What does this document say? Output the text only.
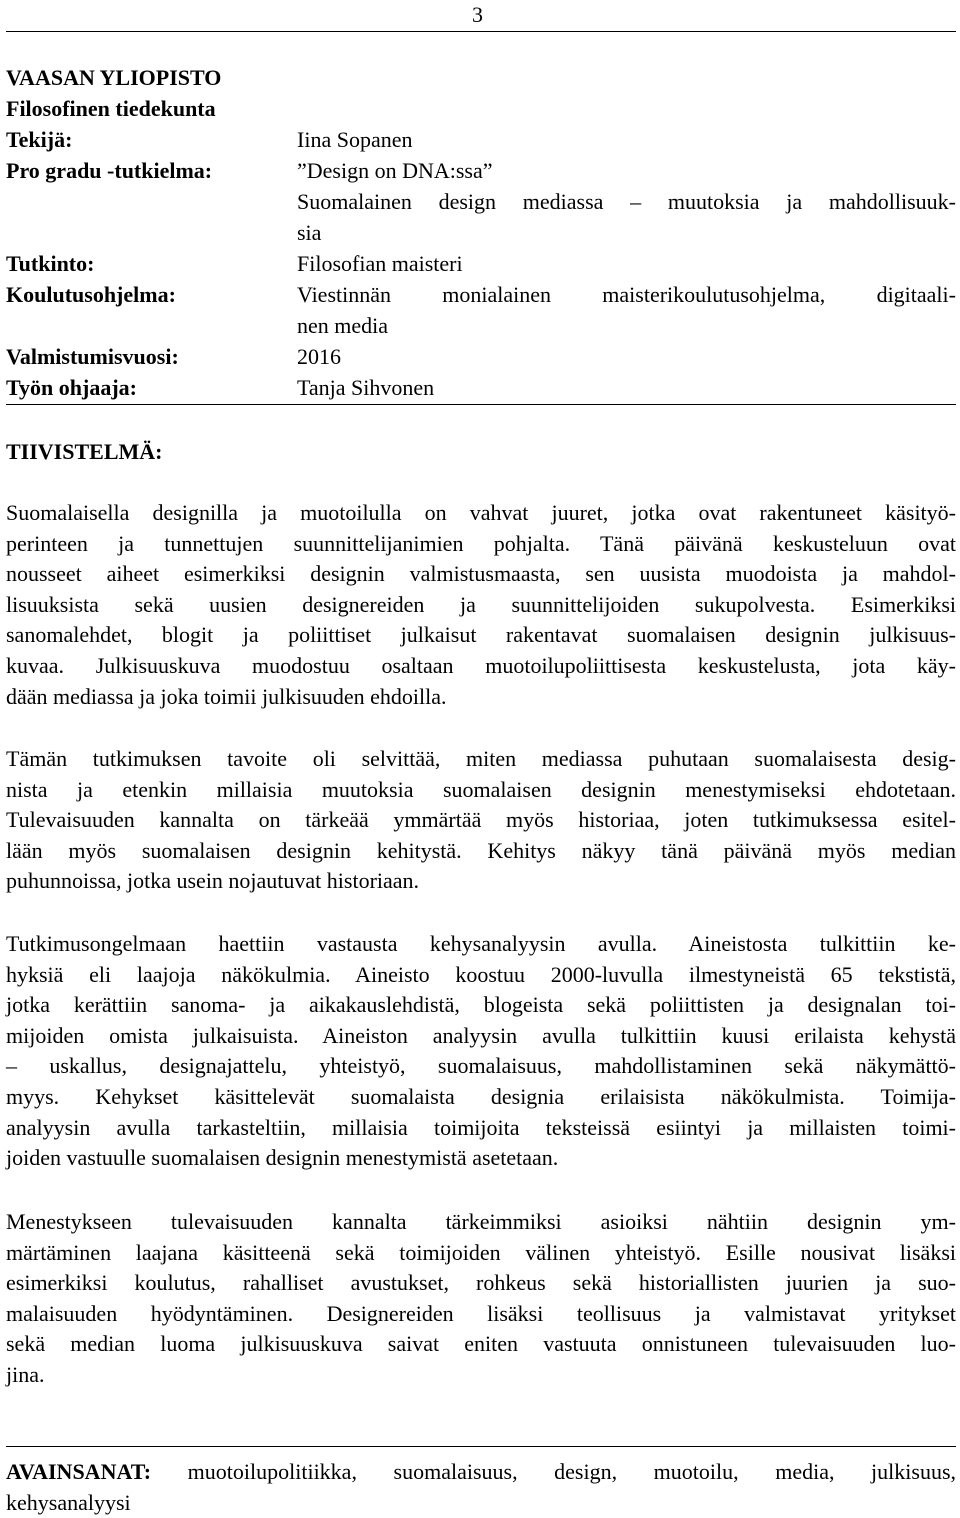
3
VAASAN YLIOPISTO
Filosofinen tiedekunta
Tekijä:	Iina Sopanen
Pro gradu -tutkielma:	”Design on DNA:ssa”
Suomalainen design mediassa – muutoksia ja mahdollisuuk-
sia
Tutkinto:	Filosofian maisteri
Koulutusohjelma:	Viestinnän monialainen maisterikoulutusohjelma, digitaali-
nen media
Valmistumisvuosi:	2016
Työn ohjaaja:	Tanja Sihvonen
TIIVISTELMÄ:
Suomalaisella designilla ja muotoilulla on vahvat juuret, jotka ovat rakentuneet käsityö-
perinteen ja tunnettujen suunnittelijanimien pohjalta. Tänä päivänä keskusteluun ovat
nousseet aiheet esimerkiksi designin valmistusmaasta, sen uusista muodoista ja mahdol-
lisuuksista sekä uusien designereiden ja suunnittelijoiden sukupolvesta. Esimerkiksi
sanomalehdet, blogit ja poliittiset julkaisut rakentavat suomalaisen designin julkisuus-
kuvaa. Julkisuuskuva muodostuu osaltaan muotoilupoliittisesta keskustelusta, jota käy-
dään mediassa ja joka toimii julkisuuden ehdoilla.
Tämän tutkimuksen tavoite oli selvittää, miten mediassa puhutaan suomalaisesta desig-
nista ja etenkin millaisia muutoksia suomalaisen designin menestymiseksi ehdotetaan.
Tulevaisuuden kannalta on tärkeää ymmärtää myös historiaa, joten tutkimuksessa esitel-
lään myös suomalaisen designin kehitystä. Kehitys näkyy tänä päivänä myös median
puhunnoissa, jotka usein nojautuvat historiaan.
Tutkimusongelmaan haettiin vastausta kehysanalyysin avulla. Aineistosta tulkittiin ke-
hyksiä eli laajoja näkökulmia. Aineisto koostuu 2000-luvulla ilmestyneistä 65 tekstistä,
jotka kerättiin sanoma- ja aikakauslehdistä, blogeista sekä poliittisten ja designalan toi-
mijoiden omista julkaisuista. Aineiston analyysin avulla tulkittiin kuusi erilaista kehystä
– uskallus, designajattelu, yhteistyö, suomalaisuus, mahdollistaminen sekä näkymättö-
myys. Kehykset käsittelevät suomalaista designia erilaisista näkökulmista. Toimija-
analyysin avulla tarkasteltiin, millaisia toimijoita teksteissä esiintyi ja millaisten toimi-
joiden vastuulle suomalaisen designin menestymistä asetetaan.
Menestykseen tulevaisuuden kannalta tärkeimmiksi asioiksi nähtiin designin ym-
märtäminen laajana käsitteenä sekä toimijoiden välinen yhteistyö. Esille nousivat lisäksi
esimerkiksi koulutus, rahalliset avustukset, rohkeus sekä historiallisten juurien ja suo-
malaisuuden hyödyntäminen. Designereiden lisäksi teollisuus ja valmistavat yritykset
sekä median luoma julkisuuskuva saivat eniten vastuuta onnistuneen tulevaisuuden luo-
jina.
AVAINSANAT: muotoilupolitiikka, suomalaisuus, design, muotoilu, media, julkisuus,
kehysanalyysi
